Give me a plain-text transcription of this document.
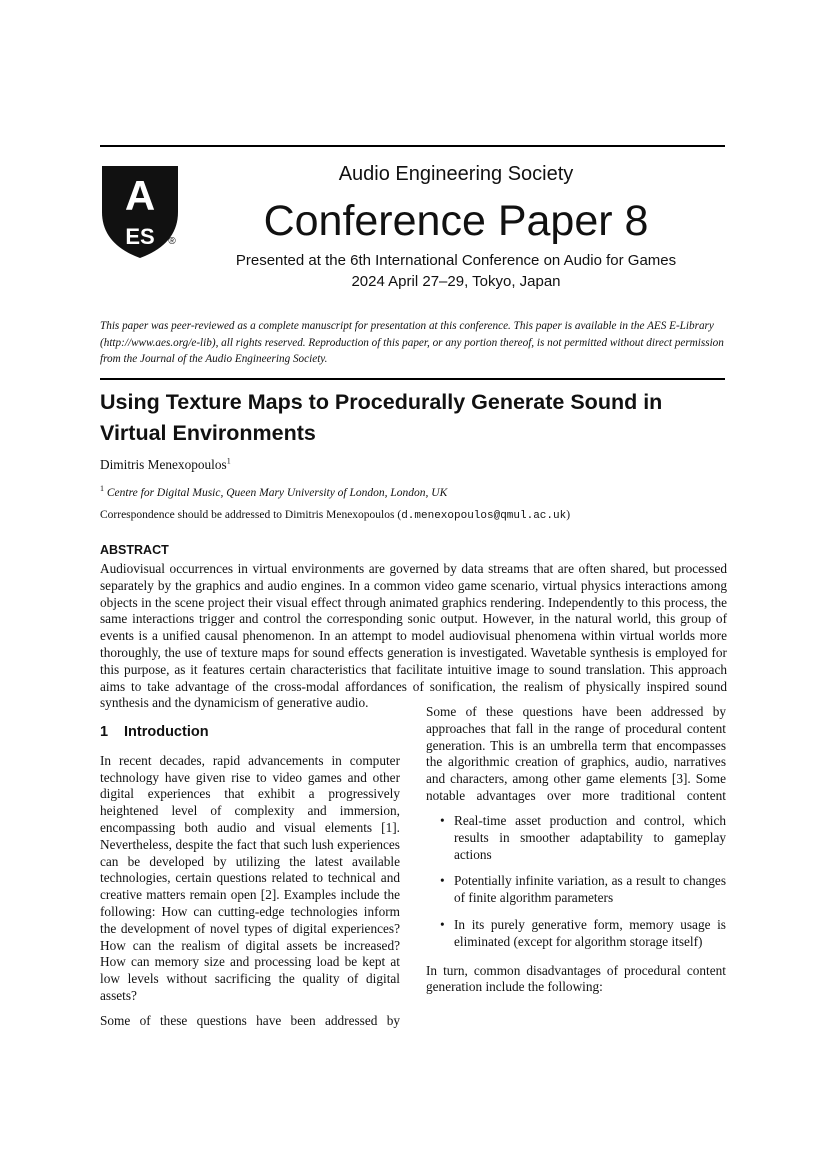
A
ES ®
Audio Engineering Society
Conference Paper 8
Presented at the 6th International Conference on Audio for Games
2024 April 27–29, Tokyo, Japan
This paper was peer-reviewed as a complete manuscript for presentation at this conference. This paper is available in the AES E-Library (http://www.aes.org/e-lib), all rights reserved. Reproduction of this paper, or any portion thereof, is not permitted without direct permission from the Journal of the Audio Engineering Society.
Using Texture Maps to Procedurally Generate Sound in Virtual Environments
Dimitris Menexopoulos$^1$
$^1$ Centre for Digital Music, Queen Mary University of London, London, UK
Correspondence should be addressed to Dimitris Menexopoulos (d.menexopoulos@qmul.ac.uk)
ABSTRACT
Audiovisual occurrences in virtual environments are governed by data streams that are often shared, but processed separately by the graphics and audio engines. In a common video game scenario, virtual physics interactions among objects in the scene project their visual effect through animated graphics rendering. Independently to this process, the same interactions trigger and control the corresponding sonic output. However, in the natural world, this group of events is a unified causal phenomenon. In an attempt to model audiovisual phenomena within virtual worlds more thoroughly, the use of texture maps for sound effects generation is investigated. Wavetable synthesis is employed for this purpose, as it features certain characteristics that facilitate intuitive image to sound translation. This approach aims to take advantage of the cross-modal affordances of sonification, the realism of physically inspired sound synthesis and the dynamicism of generative audio.
1 Introduction

In recent decades, rapid advancements in computer technology have given rise to video games and other digital experiences that exhibit a progressively heightened level of complexity and immersion, encompassing both audio and visual elements [1]. Nevertheless, despite the fact that such lush experiences can be developed by utilizing the latest available technologies, certain questions related to technical and creative matters remain open [2]. Examples include the following: How can cutting-edge technologies inform the development of novel types of digital experiences? How can the realism of digital assets be increased? How can memory size and processing load be kept at low levels without sacrificing the quality of digital assets?

Some of these questions have been addressed by

Some of these questions have been addressed by approaches that fall in the range of procedural content generation. This is an umbrella term that encompasses the algorithmic creation of graphics, audio, narratives and characters, among other game elements [3]. Some notable advantages over more traditional content

• Real-time asset production and control, which results in smoother adaptability to gameplay actions
• Potentially infinite variation, as a result to changes of finite algorithm parameters
• In its purely generative form, memory usage is eliminated (except for algorithm storage itself)

In turn, common disadvantages of procedural content generation include the following:
